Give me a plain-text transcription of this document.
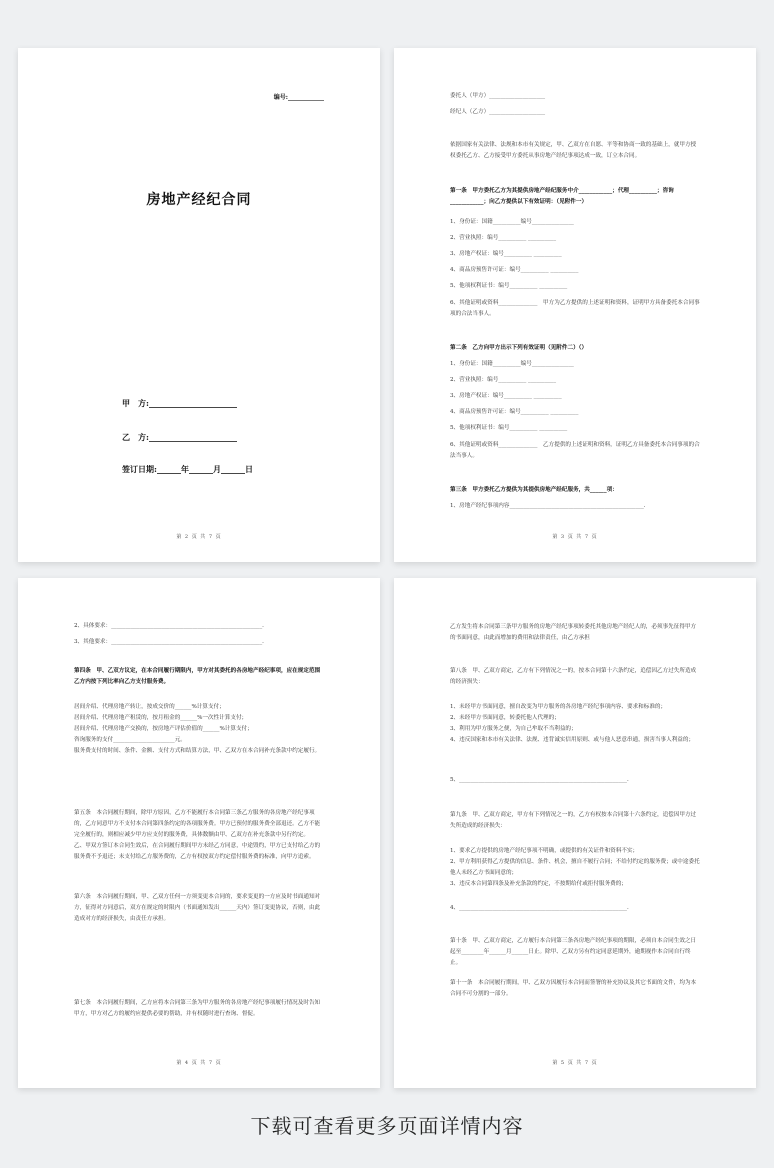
编号:____________
房地产经纪合同
甲　方:______________________
乙　方:______________________
签订日期:______年______月______日
第 2 页 共 7 页
委托人（甲方）____________________
经纪人（乙方）____________________
依据国家有关法律、法规和本市有关规定，甲、乙双方在自愿、平等和协商一致的基础上，就甲方授权委托乙方、乙方接受甲方委托从事房地产经纪事项达成一致，订立本合同。
第一条　甲方委托乙方为其提供房地产经纪服务中介____________；代理__________；咨询____________；向乙方提供以下有效证明：（见附件一）
1、身份证：国籍__________编号_______________
2、营业执照：编号__________ __________
3、房地产权证：编号__________ __________
4、商品房预售许可证：编号__________ __________
5、他项权利证书：编号__________ __________
6、其他证明或资料______________　甲方为乙方提供的上述证明和资料，证明甲方具备委托本合同事项的合法当事人。
第二条　乙方向甲方出示下列有效证明（见附件二）（）
1、身份证：国籍__________编号_______________
2、营业执照：编号__________ __________
3、房地产权证：编号__________ __________
4、商品房预售许可证：编号__________ __________
5、他项权利证书：编号__________ __________
6、其他证明或资料______________　乙方提供的上述证明和资料，证明乙方具备委托本合同事项的合法当事人。
第三条　甲方委托乙方提供为其提供房地产经纪服务，共______项：
1、房地产经纪事项内容________________________________________________.
第 3 页 共 7 页
2、具体要求：______________________________________________________.
3、其他要求：______________________________________________________.
第四条　甲、乙双方议定，在本合同履行期限内，甲方对其委托的各房地产经纪事项，应在规定范围乙方内按下列比率向乙方支付服务费。
居间介绍、代理房地产转让，按成交价的______%计算支付；
居间介绍、代理房地产租赁的，按月租金的______%一次性计算支付；
居间介绍、代理房地产交换的，按房地产评估价值的______%计算支付；
咨询服务的支付______________________元。
服务费支付的时间、条件、金额、支付方式和结算方法，甲、乙双方在本合同补充条款中约定履行。
第五条　本合同履行期间，除甲方原因，乙方不能履行本合同第三条乙方服务的各房地产经纪事项的，乙方同意甲方不支付本合同第四条约定的各项服务费。甲方已预付的服务费全部退还。乙方不能完全履行的，则相应减少甲方应支付的服务费，具体数额由甲、乙双方在补充条款中另行约定。
乙、甲双方签订本合同生效后，在合同履行期间甲方未经乙方同意，中途毁约，甲方已支付给乙方的服务费不予退还；未支付给乙方服务费的，乙方有权按双方约定偿付服务费的标准，向甲方追索。
第六条　本合同履行期间，甲、乙双方任何一方须变更本合同的，要求变更的一方应及时书面通知对方，征得对方同意后，双方在规定的时限内（书面通知发出______天内）签订变更协议，否则，由此造成对方的经济损失，由责任方承担。
第七条　本合同履行期间，乙方应将本合同第三条为甲方服务的各房地产经纪事项履行情况及时告知甲方，甲方对乙方的履约应提供必要的帮助，并有权随时进行查询、督促。
第 4 页 共 7 页
乙方发生将本合同第三条甲方服务的房地产经纪事项转委托其他房地产经纪人的，必须事先征得甲方的书面同意，由此而增加的费用和法律责任，由乙方承担
第八条　甲、乙双方商定，乙方有下列情况之一的，按本合同第十六条约定，追偿因乙方过失所造成的经济损失：
1、未经甲方书面同意，擅自改变为甲方服务的各房地产经纪事项内容、要求和标准的；
2、未经甲方书面同意，转委托他人代理的；
3、利用为甲方服务之便，为自己牟取不当利益的；
4、违反国家和本市有关法律、法规、违背诚实信用原则、或与他人恶意串通，损害当事人利益的；
5、____________________________________________________________.
第九条　甲、乙双方商定，甲方有下列情况之一的，乙方有权按本合同第十六条约定，追偿因甲方过失所造成的经济损失：
1、要求乙方提供的房地产经纪事项不明确，或提供的有关证件和资料不实；
2、甲方利用获得乙方提供的信息、条件、机会，擅自不履行合同；不给付约定的服务费；或中途委托他人未经乙方书面同意的；
3、违反本合同第四条及补充条款的约定，不按期给付或拒付服务费的；
4、____________________________________________________________.
第十条　甲、乙双方商定，乙方履行本合同第三条各房地产经纪事项的期限，必须自本合同生效之日起至________年______月______日止。除甲、乙双方另有约定同意延期外，逾期视作本合同自行终止。
第十一条　本合同履行期间，甲、乙双方因履行本合同而签署的补充协议及其它书面的文件，均为本合同不可分割的一部分。
第 5 页 共 7 页
下载可查看更多页面详情内容
